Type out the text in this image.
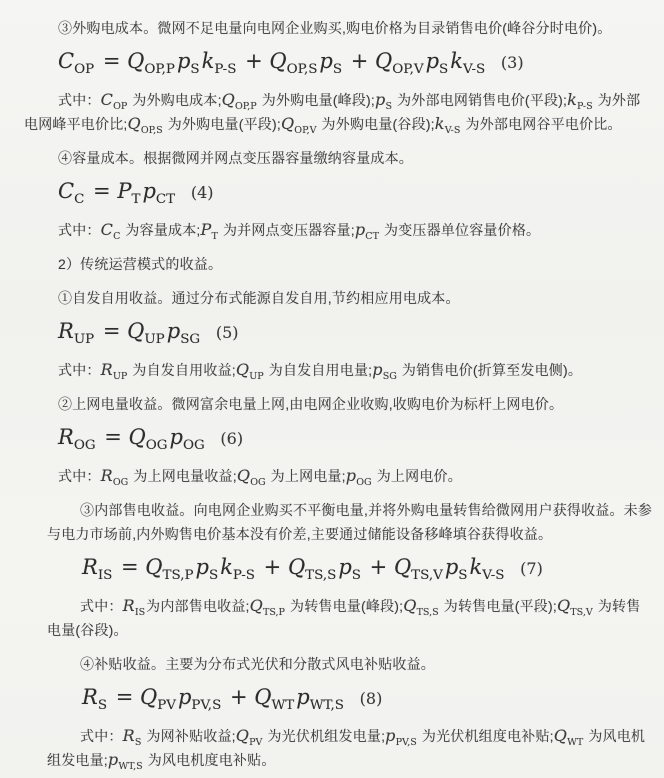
③外购电成本。微网不足电量向电网企业购买,购电价格为目录销售电价(峰谷分时电价)。
$C_{OP} = Q_{OP,P}p_Sk_{P-S} + Q_{OP,S}p_S + Q_{OP,V}p_Sk_{V-S}$ (3)
式中：$C_{OP}$ 为外购电成本$;Q_{OP,P}$ 为外购电量(峰段)$;p_S$ 为外部电网销售电价(平段)$;k_{P-S}$ 为外部电网峰平电价比$;Q_{OP,S}$ 为外购电量(平段)$;Q_{OP,V}$ 为外购电量(谷段)$;k_{V-S}$ 为外部电网谷平电价比。
④容量成本。根据微网并网点变压器容量缴纳容量成本。
$C_C = P_Tp_{CT}$ (4)
式中：$C_C$ 为容量成本$;P_T$ 为并网点变压器容量$;p_{CT}$ 为变压器单位容量价格。
2）传统运营模式的收益。
①自发自用收益。通过分布式能源自发自用,节约相应用电成本。
$R_{UP} = Q_{UP}p_{SG}$ (5)
式中：$R_{UP}$ 为自发自用收益$;Q_{UP}$ 为自发自用电量$;p_{SG}$ 为销售电价(折算至发电侧)。
②上网电量收益。微网富余电量上网,由电网企业收购,收购电价为标杆上网电价。
$R_{OG} = Q_{OG}p_{OG}$ (6)
式中：$R_{OG}$ 为上网电量收益$;Q_{OG}$ 为上网电量$;p_{OG}$ 为上网电价。
③内部售电收益。向电网企业购买不平衡电量,并将外购电量转售给微网用户获得收益。未参与电力市场前,内外购售电价基本没有价差,主要通过储能设备移峰填谷获得收益。
$R_{IS} = Q_{TS,P}p_Sk_{P-S} + Q_{TS,S}p_S + Q_{TS,V}p_Sk_{V-S}$ (7)
式中：$R_{IS}$为内部售电收益$;Q_{TS,P}$ 为转售电量(峰段)$;Q_{TS,S}$ 为转售电量(平段)$;Q_{TS,V}$ 为转售电量(谷段)。
④补贴收益。主要为分布式光伏和分散式风电补贴收益。
$R_S = Q_{PV}p_{PV,S} + Q_{WT}p_{WT,S}$ (8)
式中：$R_S$ 为网补贴收益$;Q_{PV}$ 为光伏机组发电量$;p_{PV,S}$ 为光伏机组度电补贴$;Q_{WT}$ 为风电机组发电量$;p_{WT,S}$ 为风电机度电补贴。
